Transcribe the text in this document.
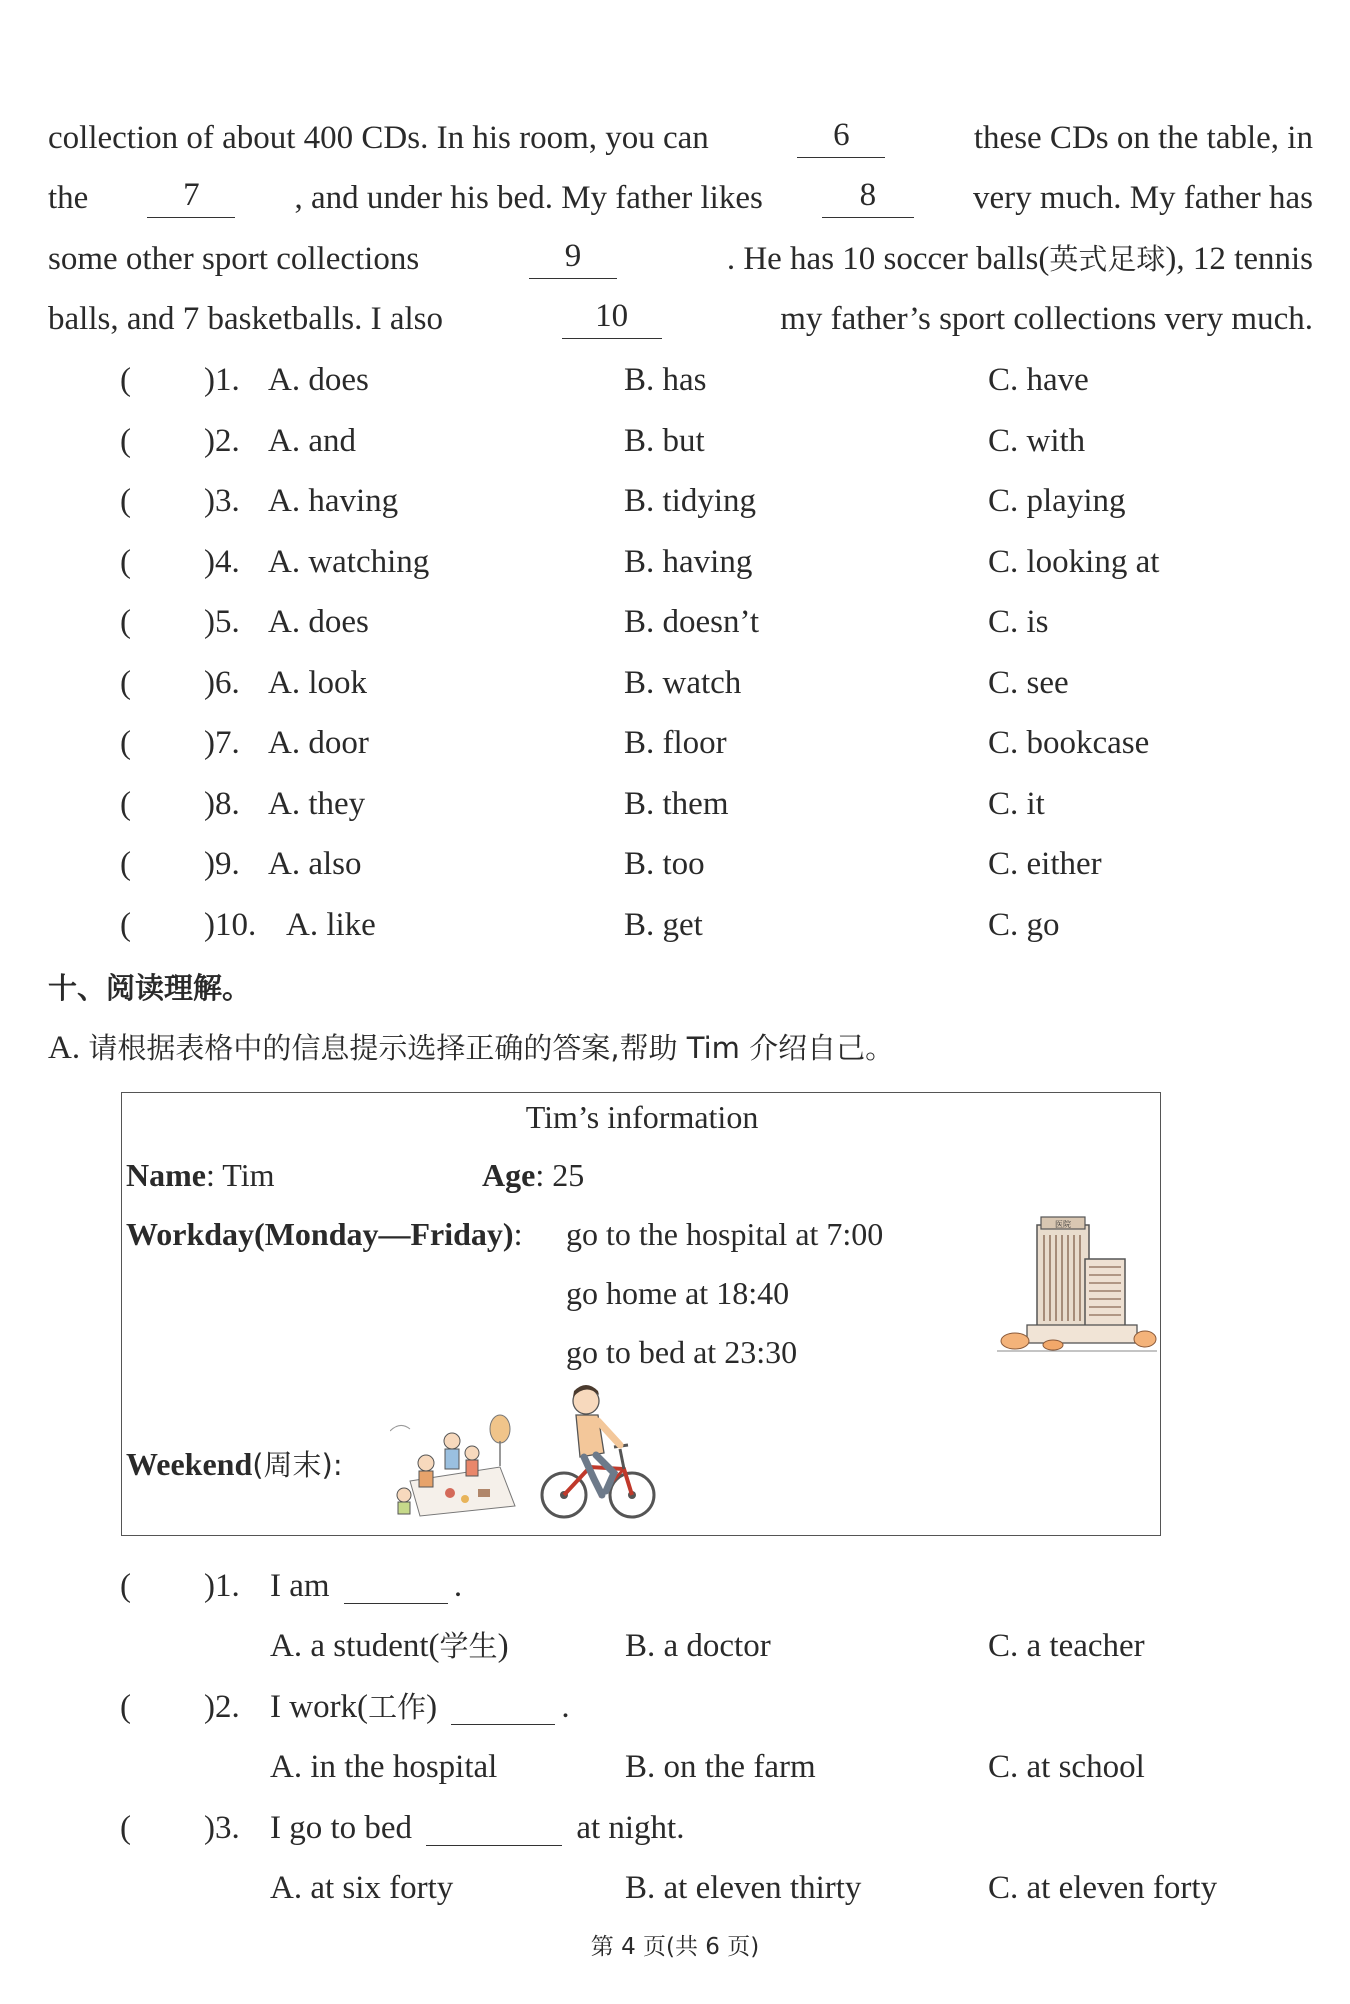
collection of about 400 CDs. In his room, you can	6	these CDs on the table, in
the	7	, and under his bed. My father likes	8	very much. My father has
some other sport collections	9	. He has 10 soccer balls(英式足球), 12 tennis
balls, and 7 basketballs. I also	10	my father’s sport collections very much.
( )1. A. does	B. has	C. have
( )2. A. and	B. but	C. with
( )3. A. having	B. tidying	C. playing
( )4. A. watching	B. having	C. looking at
( )5. A. does	B. doesn’t	C. is
( )6. A. look	B. watch	C. see
( )7. A. door	B. floor	C. bookcase
( )8. A. they	B. them	C. it
( )9. A. also	B. too	C. either
( )10. A. like	B. get	C. go
十、阅读理解。
A. 请根据表格中的信息提示选择正确的答案,帮助 Tim 介绍自己。
Tim’s information
Name: Tim	Age: 25
Workday(Monday—Friday): go to the hospital at 7:00
go home at 18:40
go to bed at 23:30
Weekend(周末):
医院
( )1. I am	.
A. a student(学生)	B. a doctor	C. a teacher
( )2. I work(工作)	.
A. in the hospital	B. on the farm	C. at school
( )3. I go to bed	at night.
A. at six forty	B. at eleven thirty	C. at eleven forty
第 4 页(共 6 页)
